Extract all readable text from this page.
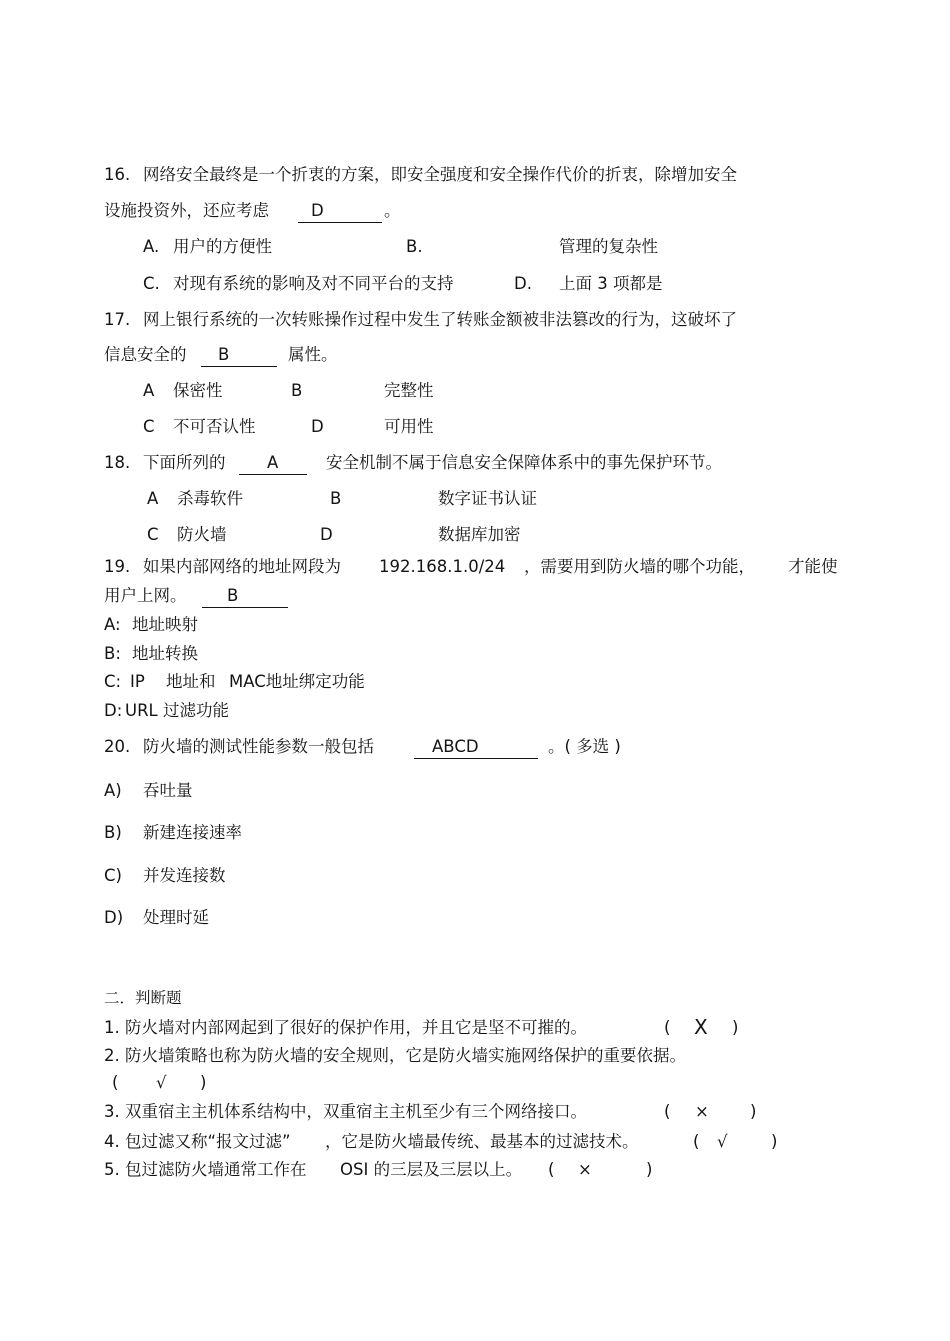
16. 网络安全最终是一个折衷的方案，即安全强度和安全操作代价的折衷，除增加安全
设施投资外，还应考虑	D	。
A. 用户的方便性	B.	管理的复杂性
C. 对现有系统的影响及对不同平台的支持	D. 上面 3 项都是
17. 网上银行系统的一次转账操作过程中发生了转账金额被非法篡改的行为，这破坏了
信息安全的 B	属性。
A 保密性	B	完整性
C 不可否认性	D	可用性
18. 下面所列的	A	安全机制不属于信息安全保障体系中的事先保护环节。
A 杀毒软件	B	数字证书认证
C 防火墙	D	数据库加密
19. 如果内部网络的地址网段为 192.168.1.0/24 ，需要用到防火墙的哪个功能， 才能使
用户上网。 B
A: 地址映射
B: 地址转换
C: IP 地址和 MAC地址绑定功能
D: URL 过滤功能
20. 防火墙的测试性能参数一般包括	ABCD	。( 多选 )
A) 吞吐量
B) 新建连接速率
C) 并发连接数
D) 处理时延
二．判断题
1. 防火墙对内部网起到了很好的保护作用，并且它是坚不可摧的。	( X )
2. 防火墙策略也称为防火墙的安全规则，它是防火墙实施网络保护的重要依据。
( √ )
3. 双重宿主主机体系结构中，双重宿主主机至少有三个网络接口。	( × )
4. 包过滤又称“报文过滤” ，它是防火墙最传统、最基本的过滤技术。	( √	)
5. 包过滤防火墙通常工作在 OSI 的三层及三层以上。 ( ×	)
